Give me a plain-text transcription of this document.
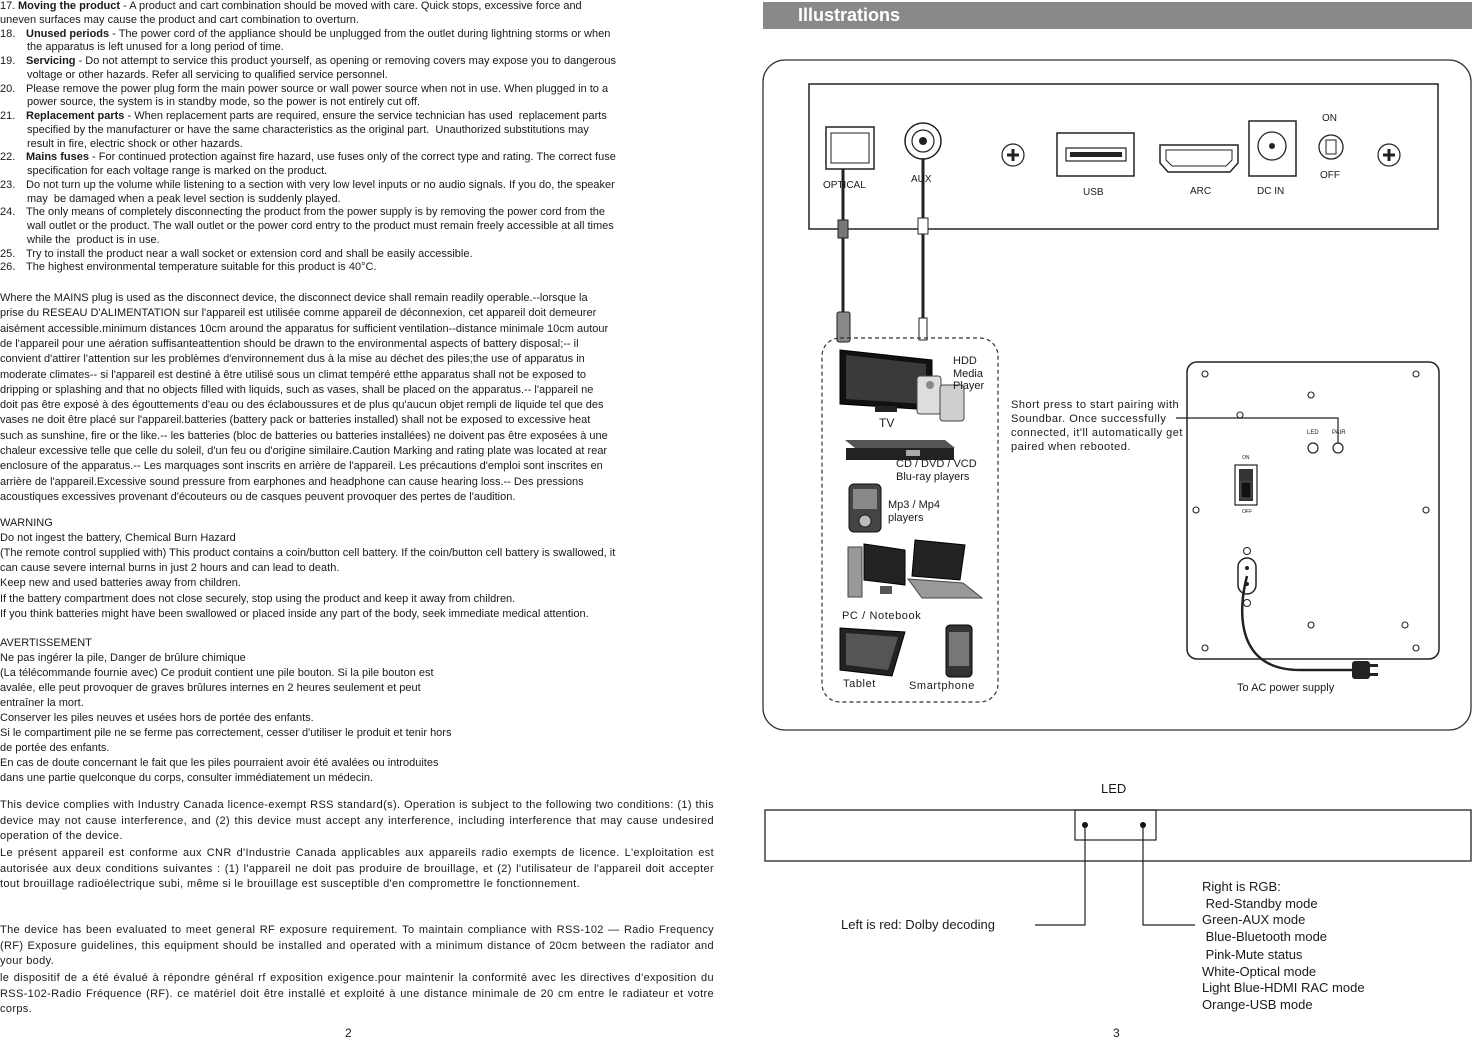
17. Moving the product - A product and cart combination should be moved with care. Quick stops, excessive force and
uneven surfaces may cause the product and cart combination to overturn.
18. Unused periods - The power cord of the appliance should be unplugged from the outlet during lightning storms or when
the apparatus is left unused for a long period of time.
19. Servicing - Do not attempt to service this product yourself, as opening or removing covers may expose you to dangerous
voltage or other hazards. Refer all servicing to qualified service personnel.
20. Please remove the power plug form the main power source or wall power source when not in use. When plugged in to a
power source, the system is in standby mode, so the power is not entirely cut off.
21. Replacement parts - When replacement parts are required, ensure the service technician has used  replacement parts
specified by the manufacturer or have the same characteristics as the original part.  Unauthorized substitutions may
result in fire, electric shock or other hazards.
22. Mains fuses - For continued protection against fire hazard, use fuses only of the correct type and rating. The correct fuse
specification for each voltage range is marked on the product.
23. Do not turn up the volume while listening to a section with very low level inputs or no audio signals. If you do, the speaker
may  be damaged when a peak level section is suddenly played.
24. The only means of completely disconnecting the product from the power supply is by removing the power cord from the
wall outlet or the product. The wall outlet or the power cord entry to the product must remain freely accessible at all times
while the  product is in use.
25. Try to install the product near a wall socket or extension cord and shall be easily accessible.
26. The highest environmental temperature suitable for this product is 40°C.
Where the MAINS plug is used as the disconnect device, the disconnect device shall remain readily operable.--lorsque la
prise du RESEAU D'ALIMENTATION sur l'appareil est utilisée comme appareil de déconnexion, cet appareil doit demeurer
aisément accessible.minimum distances 10cm around the apparatus for sufficient ventilation--distance minimale 10cm autour
de l'appareil pour une aération suffisanteattention should be drawn to the environmental aspects of battery disposal;-- il
convient d'attirer l'attention sur les problèmes d'environnement dus à la mise au déchet des piles;the use of apparatus in
moderate climates-- si l'appareil est destiné à être utilisé sous un climat tempéré etthe apparatus shall not be exposed to
dripping or splashing and that no objects filled with liquids, such as vases, shall be placed on the apparatus.-- l'appareil ne
doit pas être exposé à des égouttements d'eau ou des éclaboussures et de plus qu'aucun objet rempli de liquide tel que des
vases ne doit être placé sur l'appareil.batteries (battery pack or batteries installed) shall not be exposed to excessive heat
such as sunshine, fire or the like.-- les batteries (bloc de batteries ou batteries installées) ne doivent pas être exposées à une
chaleur excessive telle que celle du soleil, d'un feu ou d'origine similaire.Caution Marking and rating plate was located at rear
enclosure of the apparatus.-- Les marquages sont inscrits en arrière de l'appareil. Les précautions d'emploi sont inscrites en
arrière de l'appareil.Excessive sound pressure from earphones and headphone can cause hearing loss.-- Des pressions
acoustiques excessives provenant d'écouteurs ou de casques peuvent provoquer des pertes de l'audition.
WARNING
Do not ingest the battery, Chemical Burn Hazard
(The remote control supplied with) This product contains a coin/button cell battery. If the coin/button cell battery is swallowed, it
can cause severe internal burns in just 2 hours and can lead to death.
Keep new and used batteries away from children.
If the battery compartment does not close securely, stop using the product and keep it away from children.
If you think batteries might have been swallowed or placed inside any part of the body, seek immediate medical attention.
AVERTISSEMENT
Ne pas ingérer la pile, Danger de brûlure chimique
(La télécommande fournie avec) Ce produit contient une pile bouton. Si la pile bouton est
avalée, elle peut provoquer de graves brûlures internes en 2 heures seulement et peut
entraîner la mort.
Conserver les piles neuves et usées hors de portée des enfants.
Si le compartiment pile ne se ferme pas correctement, cesser d'utiliser le produit et tenir hors
de portée des enfants.
En cas de doute concernant le fait que les piles pourraient avoir été avalées ou introduites
dans une partie quelconque du corps, consulter immédiatement un médecin.
This device complies with Industry Canada licence-exempt RSS standard(s). Operation is subject to the following two conditions: (1) this device may not cause interference, and (2) this device must accept any interference, including interference that may cause undesired operation of the device.
Le présent appareil est conforme aux CNR d'Industrie Canada applicables aux appareils radio exempts de licence. L'exploitation est autorisée aux deux conditions suivantes : (1) l'appareil ne doit pas produire de brouillage, et (2) l'utilisateur de l'appareil doit accepter tout brouillage radioélectrique subi, même si le brouillage est susceptible d'en compromettre le fonctionnement.
The device has been evaluated to meet general RF exposure requirement. To maintain compliance with RSS-102 — Radio Frequency (RF) Exposure guidelines, this equipment should be installed and operated with a minimum distance of 20cm between the radiator and your body.
le dispositif de a été évalué à répondre général rf exposition exigence.pour maintenir la conformité avec les directives d'exposition du RSS-102-Radio Fréquence (RF). ce matériel doit être installé et exploité à une distance minimale de 20 cm entre le radiateur et votre corps.
2
Illustrations
OPTICAL
AUX
USB	ARC	DC IN
ON
OFF
HDD Media Player
TV
CD / DVD / VCD Blu-ray players
Mp3 / Mp4 players
PC / Notebook
Tablet	Smartphone
Short press to start pairing with Soundbar. Once successfully connected, it'll automatically get paired when rebooted.
LED PAIR
ON
OFF
To AC power supply
LED
Left is red: Dolby decoding
Right is RGB:
Red-Standby mode
Green-AUX mode
Blue-Bluetooth mode
Pink-Mute status
White-Optical mode
Light Blue-HDMI RAC mode
Orange-USB mode
3
